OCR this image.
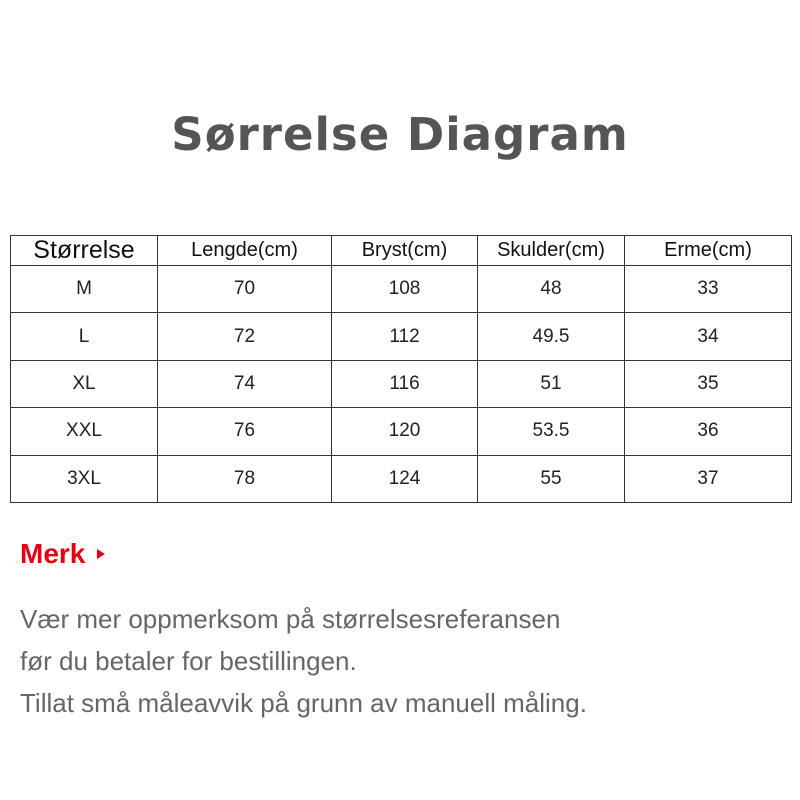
Sørrelse Diagram
Størrelse	Lengde(cm)	Bryst(cm)	Skulder(cm)	Erme(cm)
M	70	108	48	33
L	72	112	49.5	34
XL	74	116	51	35
XXL	76	120	53.5	36
3XL	78	124	55	37
Merk

Vær mer oppmerksom på størrelsesreferansen
før du betaler for bestillingen.
Tillat små måleavvik på grunn av manuell måling.
